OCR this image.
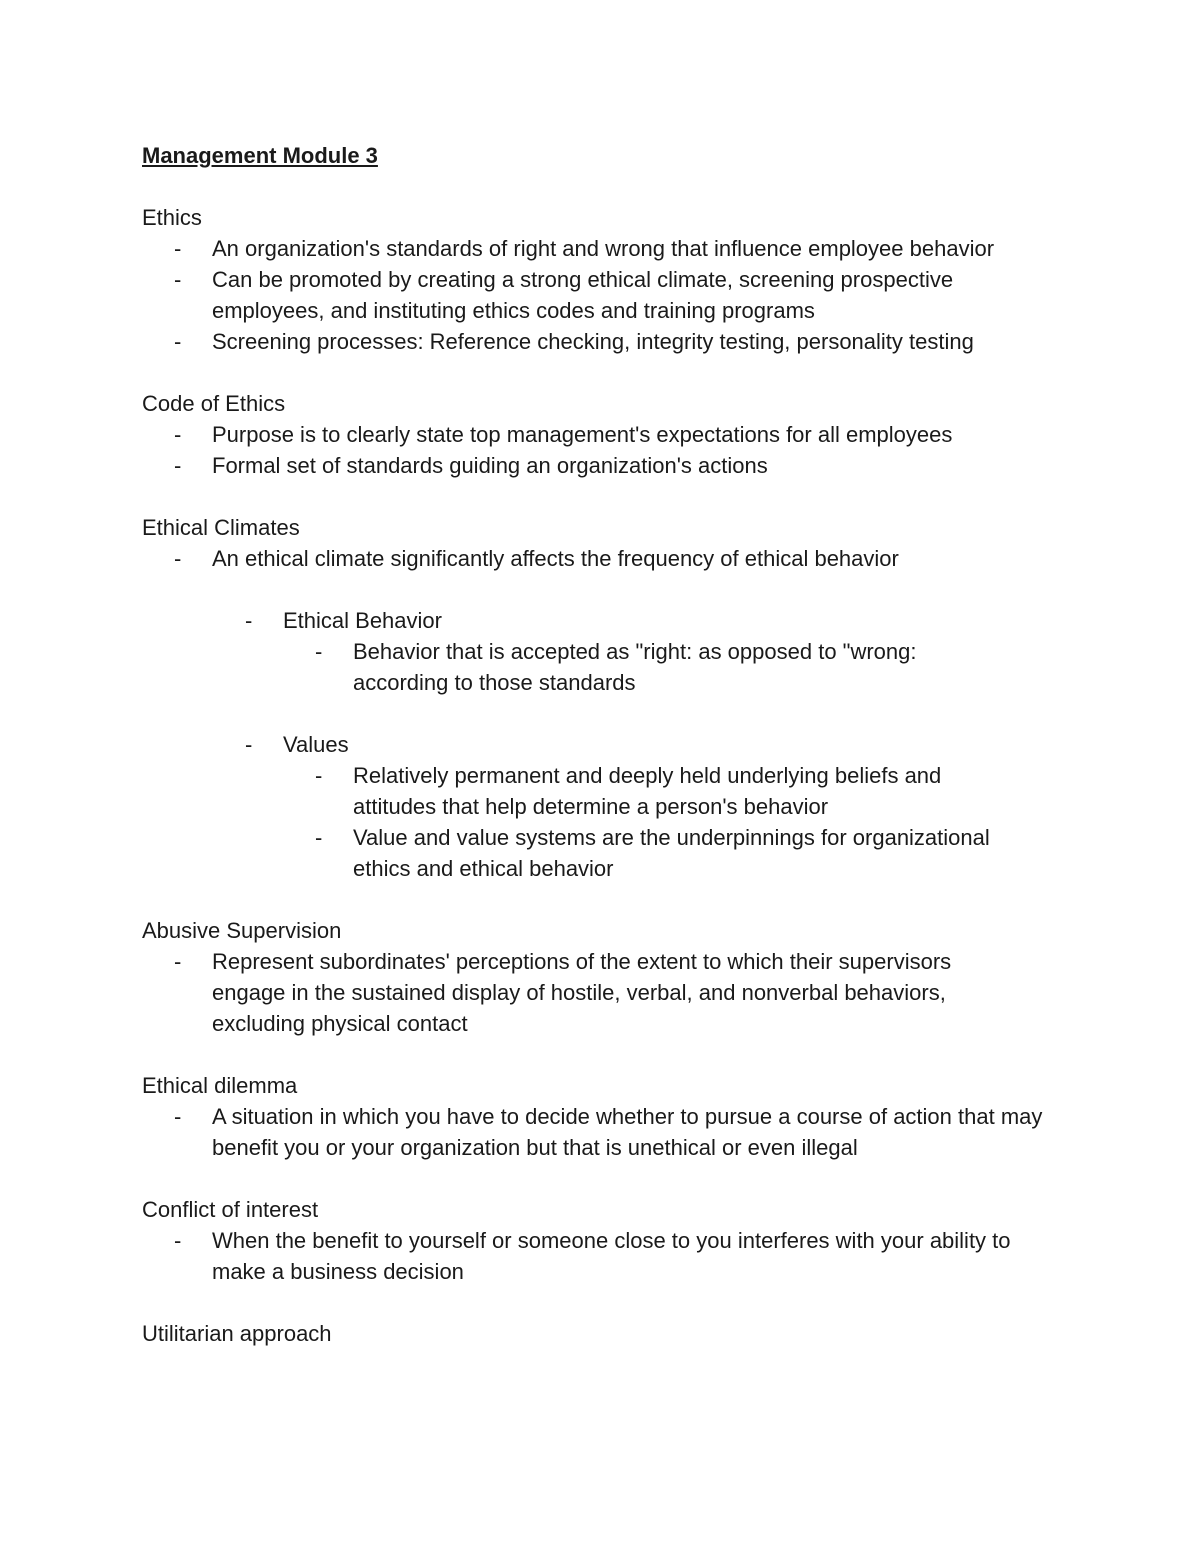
Management Module 3

Ethics

- An organization's standards of right and wrong that influence employee behavior
- Can be promoted by creating a strong ethical climate, screening prospective employees, and instituting ethics codes and training programs
- Screening processes: Reference checking, integrity testing, personality testing

Code of Ethics

- Purpose is to clearly state top management's expectations for all employees
- Formal set of standards guiding an organization's actions

Ethical Climates

- An ethical climate significantly affects the frequency of ethical behavior
- Ethical Behavior
- Behavior that is accepted as "right: as opposed to "wrong: according to those standards
- Values
- Relatively permanent and deeply held underlying beliefs and attitudes that help determine a person's behavior
- Value and value systems are the underpinnings for organizational ethics and ethical behavior

Abusive Supervision

- Represent subordinates' perceptions of the extent to which their supervisors engage in the sustained display of hostile, verbal, and nonverbal behaviors, excluding physical contact

Ethical dilemma

- A situation in which you have to decide whether to pursue a course of action that may benefit you or your organization but that is unethical or even illegal

Conflict of interest

- When the benefit to yourself or someone close to you interferes with your ability to make a business decision

Utilitarian approach
